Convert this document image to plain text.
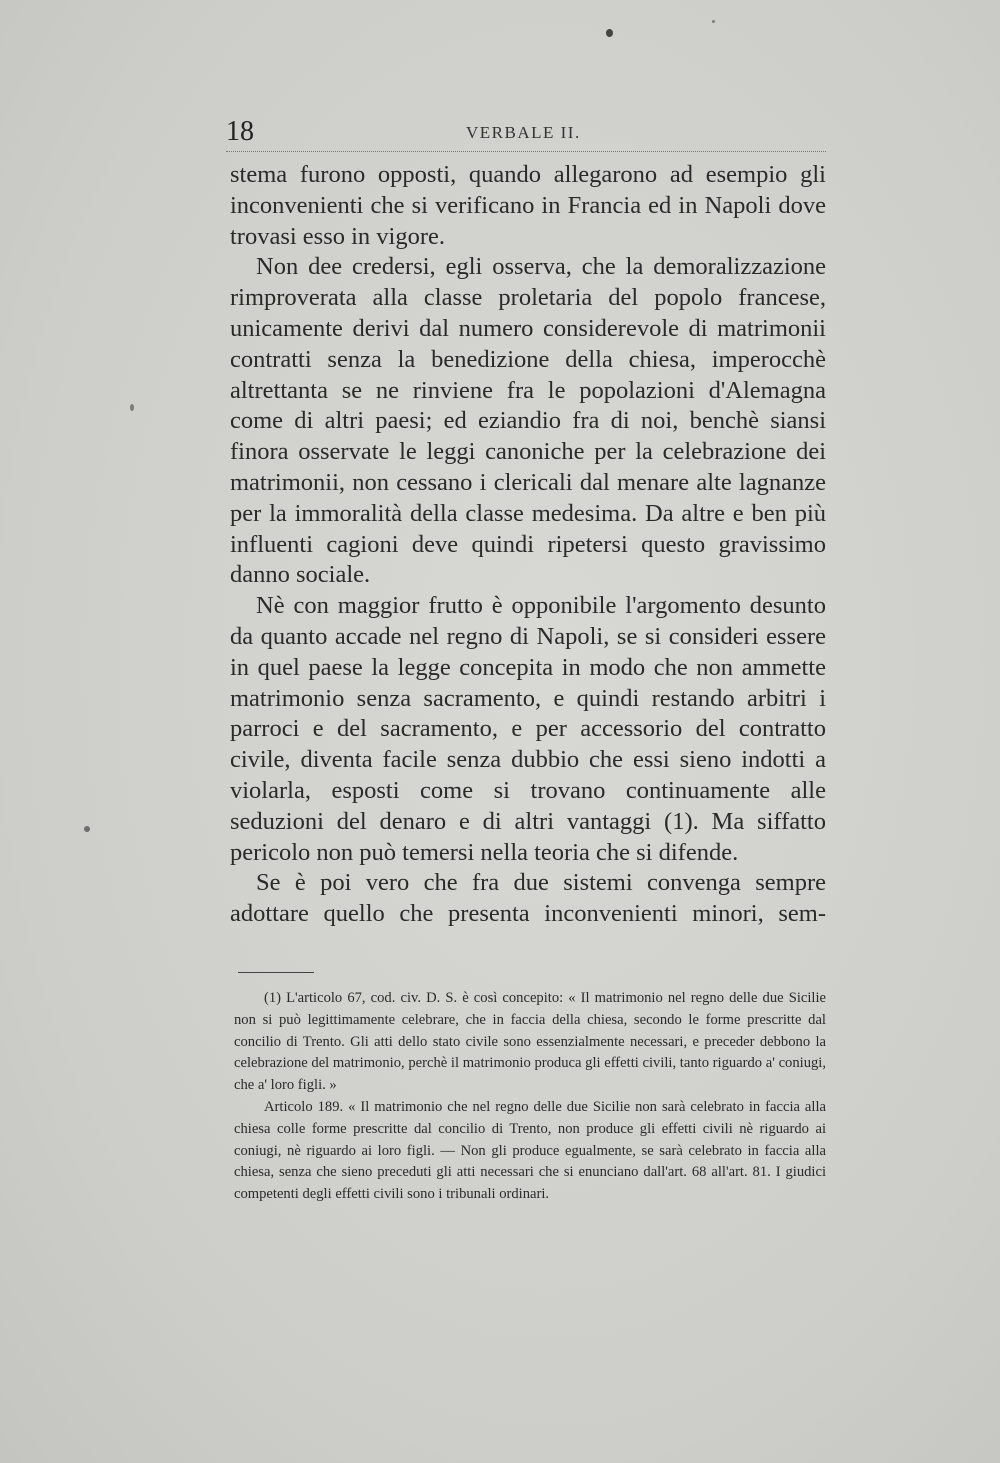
18	VERBALE II.

stema furono opposti, quando allegarono ad esempio gli inconvenienti che si verificano in Francia ed in Napoli dove trovasi esso in vigore.

Non dee credersi, egli osserva, che la demoralizzazione rimproverata alla classe proletaria del popolo francese, unicamente derivi dal numero considerevole di matrimonii contratti senza la benedizione della chiesa, imperocchè altrettanta se ne rinviene fra le popolazioni d'Alemagna come di altri paesi; ed eziandio fra di noi, benchè siansi finora osservate le leggi canoniche per la celebrazione dei matrimonii, non cessano i clericali dal menare alte lagnanze per la immoralità della classe medesima. Da altre e ben più influenti cagioni deve quindi ripetersi questo gravissimo danno sociale.

Nè con maggior frutto è opponibile l'argomento desunto da quanto accade nel regno di Napoli, se si consideri essere in quel paese la legge concepita in modo che non ammette matrimonio senza sacramento, e quindi restando arbitri i parroci e del sacramento, e per accessorio del contratto civile, diventa facile senza dubbio che essi sieno indotti a violarla, esposti come si trovano continuamente alle seduzioni del denaro e di altri vantaggi (1). Ma siffatto pericolo non può temersi nella teoria che si difende.

Se è poi vero che fra due sistemi convenga sempre adottare quello che presenta inconvenienti minori, sem-

(1) L'articolo 67, cod. civ. D. S. è così concepito: « Il matrimonio nel regno delle due Sicilie non si può legittimamente celebrare, che in faccia della chiesa, secondo le forme prescritte dal concilio di Trento. Gli atti dello stato civile sono essenzialmente necessari, e preceder debbono la celebrazione del matrimonio, perchè il matrimonio produca gli effetti civili, tanto riguardo a' coniugi, che a' loro figli. »

Articolo 189. « Il matrimonio che nel regno delle due Sicilie non sarà celebrato in faccia alla chiesa colle forme prescritte dal concilio di Trento, non produce gli effetti civili nè riguardo ai coniugi, nè riguardo ai loro figli. — Non gli produce egualmente, se sarà celebrato in faccia alla chiesa, senza che sieno preceduti gli atti necessari che si enunciano dall'art. 68 all'art. 81. I giudici competenti degli effetti civili sono i tribunali ordinari.
